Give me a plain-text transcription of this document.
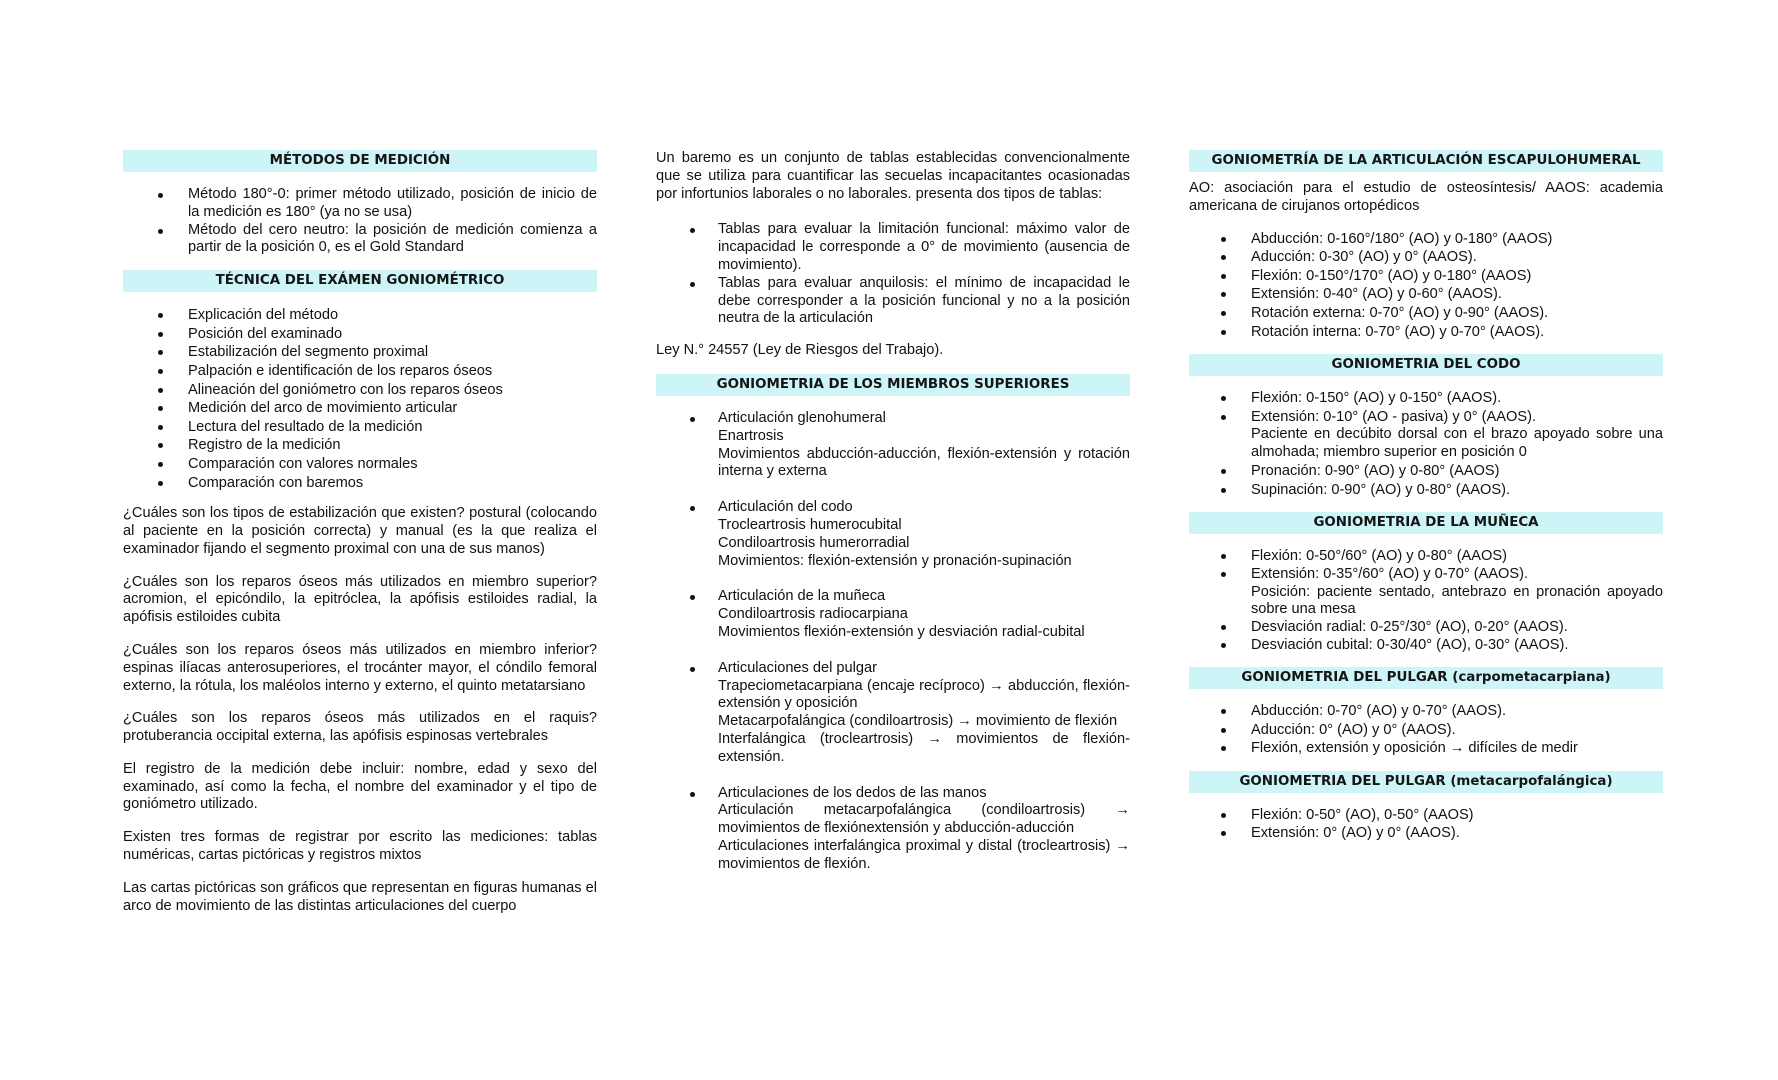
MÉTODOS DE MEDICIÓN
Método 180°-0: primer método utilizado, posición de inicio de la medición es 180° (ya no se usa)
Método del cero neutro: la posición de medición comienza a partir de la posición 0, es el Gold Standard
TÉCNICA DEL EXÁMEN GONIOMÉTRICO
Explicación del método
Posición del examinado
Estabilización del segmento proximal
Palpación e identificación de los reparos óseos
Alineación del goniómetro con los reparos óseos
Medición del arco de movimiento articular
Lectura del resultado de la medición
Registro de la medición
Comparación con valores normales
Comparación con baremos

¿Cuáles son los tipos de estabilización que existen? postural (colocando al paciente en la posición correcta) y manual (es la que realiza el examinador fijando el segmento proximal con una de sus manos)

¿Cuáles son los reparos óseos más utilizados en miembro superior? acromion, el epicóndilo, la epitróclea, la apófisis estiloides radial, la apófisis estiloides cubita

¿Cuáles son los reparos óseos más utilizados en miembro inferior? espinas ilíacas anterosuperiores, el trocánter mayor, el cóndilo femoral externo, la rótula, los maléolos interno y externo, el quinto metatarsiano

¿Cuáles son los reparos óseos más utilizados en el raquis? protuberancia occipital externa, las apófisis espinosas vertebrales

El registro de la medición debe incluir: nombre, edad y sexo del examinado, así como la fecha, el nombre del examinador y el tipo de goniómetro utilizado.

Existen tres formas de registrar por escrito las mediciones: tablas numéricas, cartas pictóricas y registros mixtos

Las cartas pictóricas son gráficos que representan en figuras humanas el arco de movimiento de las distintas articulaciones del cuerpo

Un baremo es un conjunto de tablas establecidas convencionalmente que se utiliza para cuantificar las secuelas incapacitantes ocasionadas por infortunios laborales o no laborales. presenta dos tipos de tablas:

Tablas para evaluar la limitación funcional: máximo valor de incapacidad le corresponde a 0° de movimiento (ausencia de movimiento).
Tablas para evaluar anquilosis: el mínimo de incapacidad le debe corresponder a la posición funcional y no a la posición neutra de la articulación

Ley N.° 24557 (Ley de Riesgos del Trabajo).

GONIOMETRIA DE LOS MIEMBROS SUPERIORES
Articulación glenohumeral
Enartrosis
Movimientos abducción-aducción, flexión-extensión y rotación interna y externa
Articulación del codo
Trocleartrosis humerocubital
Condiloartrosis humerorradial
Movimientos: flexión-extensión y pronación-supinación
Articulación de la muñeca
Condiloartrosis radiocarpiana
Movimientos flexión-extensión y desviación radial-cubital
Articulaciones del pulgar
Trapeciometacarpiana (encaje recíproco) → abducción, flexión-extensión y oposición
Metacarpofalángica (condiloartrosis) → movimiento de flexión
Interfalángica (trocleartrosis) → movimientos de flexión-extensión.
Articulaciones de los dedos de las manos
Articulación metacarpofalángica (condiloartrosis) → movimientos de flexiónextensión y abducción-aducción
Articulaciones interfalángica proximal y distal (trocleartrosis) → movimientos de flexión.
GONIOMETRÍA DE LA ARTICULACIÓN ESCAPULOHUMERAL

AO: asociación para el estudio de osteosíntesis/ AAOS: academia americana de cirujanos ortopédicos

Abducción: 0-160°/180° (AO) y 0-180° (AAOS)
Aducción: 0-30° (AO) y 0° (AAOS).
Flexión: 0-150°/170° (AO) y 0-180° (AAOS)
Extensión: 0-40° (AO) y 0-60° (AAOS).
Rotación externa: 0-70° (AO) y 0-90° (AAOS).
Rotación interna: 0-70° (AO) y 0-70° (AAOS).
GONIOMETRIA DEL CODO
Flexión: 0-150° (AO) y 0-150° (AAOS).
Extensión: 0-10° (AO - pasiva) y 0° (AAOS).
Paciente en decúbito dorsal con el brazo apoyado sobre una almohada; miembro superior en posición 0
Pronación: 0-90° (AO) y 0-80° (AAOS)
Supinación: 0-90° (AO) y 0-80° (AAOS).
GONIOMETRIA DE LA MUÑECA
Flexión: 0-50°/60° (AO) y 0-80° (AAOS)
Extensión: 0-35°/60° (AO) y 0-70° (AAOS).
Posición: paciente sentado, antebrazo en pronación apoyado sobre una mesa
Desviación radial: 0-25°/30° (AO), 0-20° (AAOS).
Desviación cubital: 0-30/40° (AO), 0-30° (AAOS).
GONIOMETRIA DEL PULGAR (carpometacarpiana)
Abducción: 0-70° (AO) y 0-70° (AAOS).
Aducción: 0° (AO) y 0° (AAOS).
Flexión, extensión y oposición → difíciles de medir
GONIOMETRIA DEL PULGAR (metacarpofalángica)
Flexión: 0-50° (AO), 0-50° (AAOS)
Extensión: 0° (AO) y 0° (AAOS).
